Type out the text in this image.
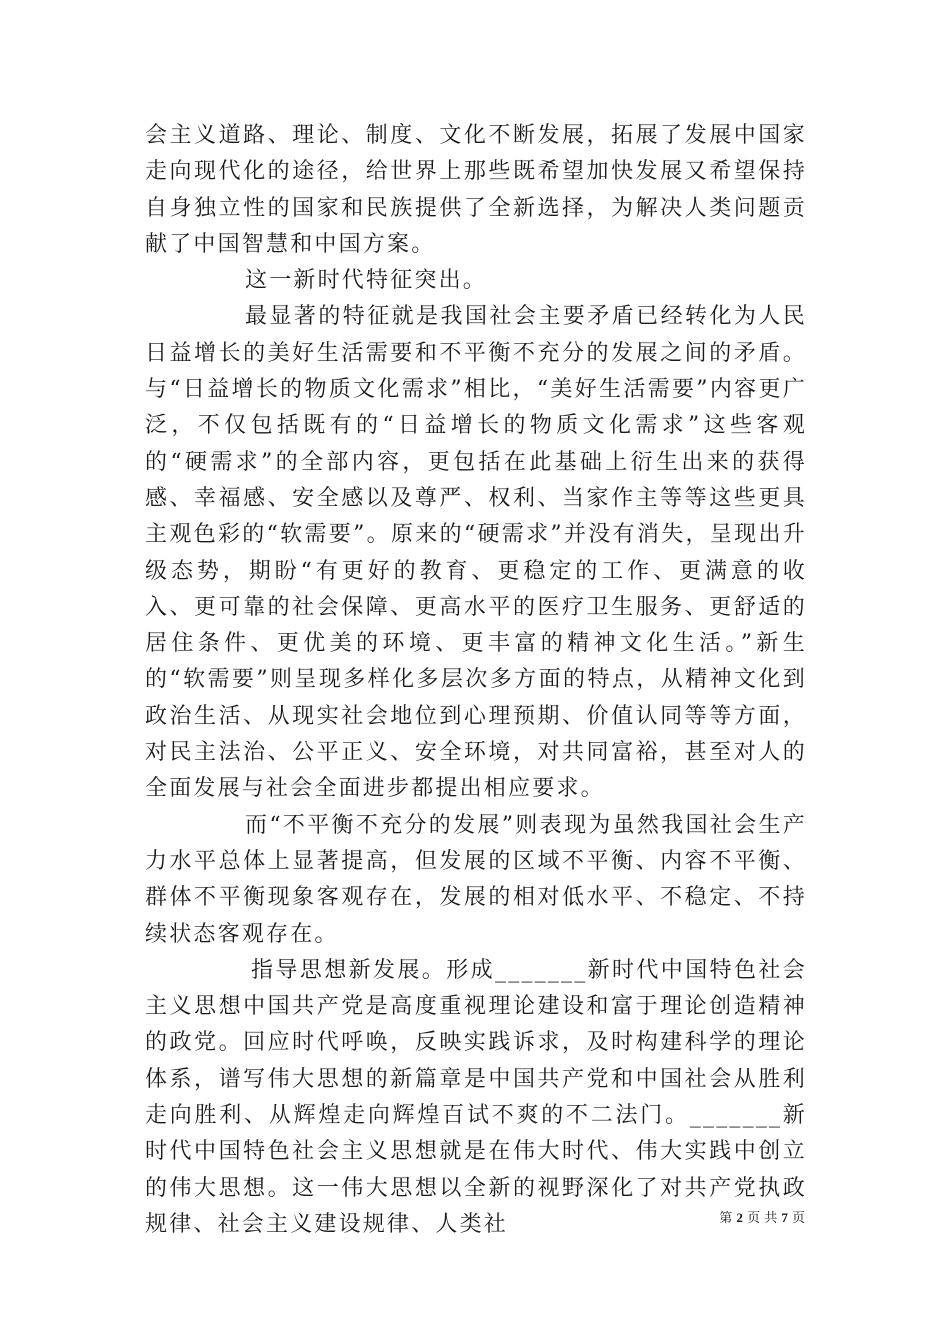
会主义道路、理论、制度、文化不断发展，拓展了发展中国家走向现代化的途径，给世界上那些既希望加快发展又希望保持自身独立性的国家和民族提供了全新选择，为解决人类问题贡献了中国智慧和中国方案。

这一新时代特征突出。

最显著的特征就是我国社会主要矛盾已经转化为人民日益增长的美好生活需要和不平衡不充分的发展之间的矛盾。与“日益增长的物质文化需求”相比，“美好生活需要”内容更广泛，不仅包括既有的“日益增长的物质文化需求”这些客观的“硬需求”的全部内容，更包括在此基础上衍生出来的获得感、幸福感、安全感以及尊严、权利、当家作主等等这些更具主观色彩的“软需要”。原来的“硬需求”并没有消失，呈现出升级态势，期盼“有更好的教育、更稳定的工作、更满意的收入、更可靠的社会保障、更高水平的医疗卫生服务、更舒适的居住条件、更优美的环境、更丰富的精神文化生活。”新生的“软需要”则呈现多样化多层次多方面的特点，从精神文化到政治生活、从现实社会地位到心理预期、价值认同等等方面，对民主法治、公平正义、安全环境，对共同富裕，甚至对人的全面发展与社会全面进步都提出相应要求。

而“不平衡不充分的发展”则表现为虽然我国社会生产力水平总体上显著提高，但发展的区域不平衡、内容不平衡、群体不平衡现象客观存在，发展的相对低水平、不稳定、不持续状态客观存在。

指导思想新发展。形成_______新时代中国特色社会主义思想中国共产党是高度重视理论建设和富于理论创造精神的政党。回应时代呼唤，反映实践诉求，及时构建科学的理论体系，谱写伟大思想的新篇章是中国共产党和中国社会从胜利走向胜利、从辉煌走向辉煌百试不爽的不二法门。_______新时代中国特色社会主义思想就是在伟大时代、伟大实践中创立的伟大思想。这一伟大思想以全新的视野深化了对共产党执政规律、社会主义建设规律、人类社	第 2 页 共 7 页
